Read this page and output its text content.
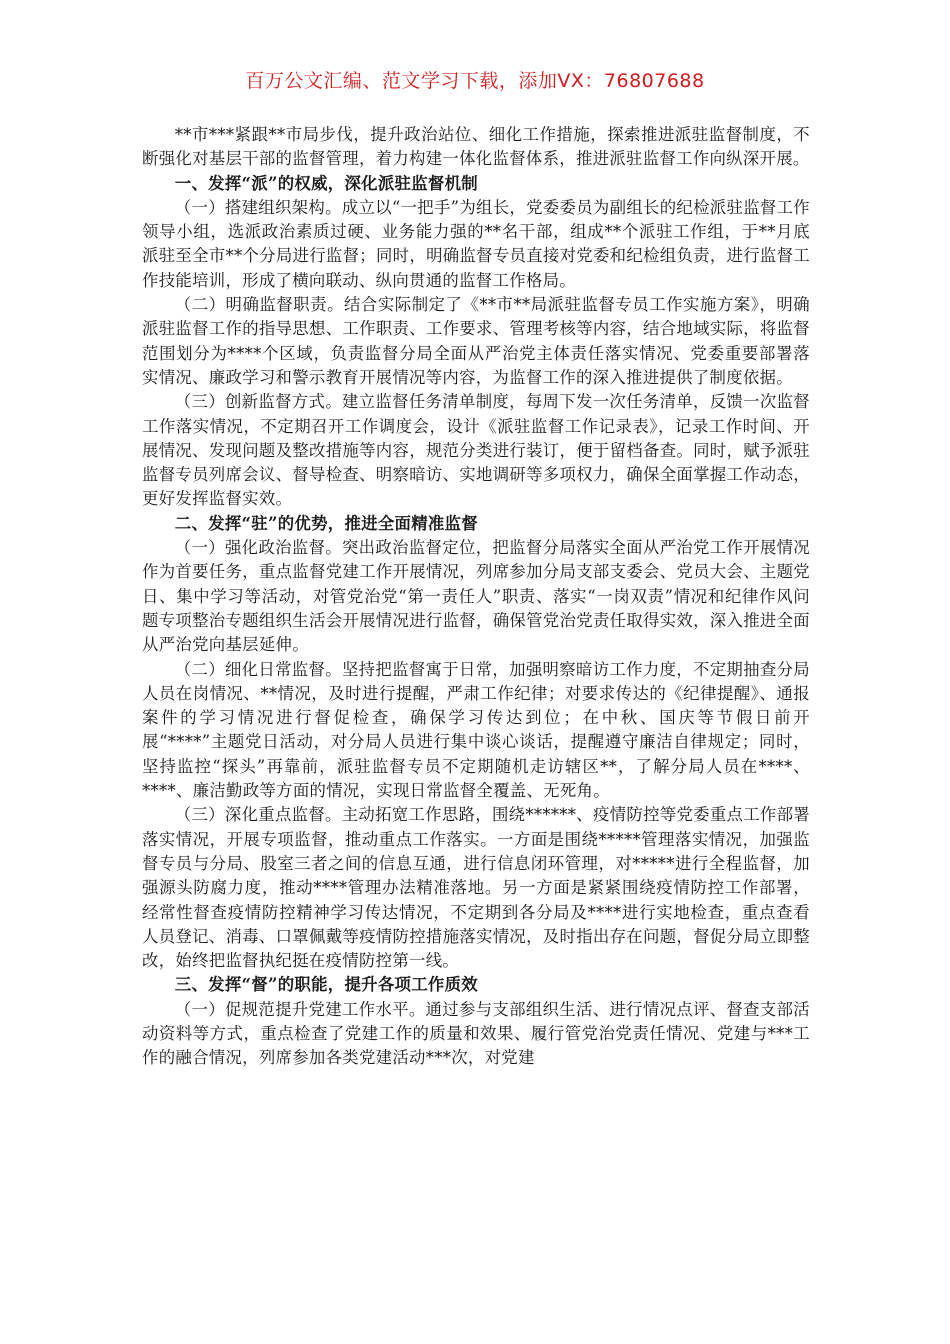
百万公文汇编、范文学习下载，添加VX：76807688

**市***紧跟**市局步伐，提升政治站位、细化工作措施，探索推进派驻监督制度，不断强化对基层干部的监督管理，着力构建一体化监督体系，推进派驻监督工作向纵深开展。

一、发挥“派”的权威，深化派驻监督机制

（一）搭建组织架构。成立以“一把手”为组长，党委委员为副组长的纪检派驻监督工作领导小组，选派政治素质过硬、业务能力强的**名干部，组成**个派驻工作组，于**月底派驻至全市**个分局进行监督；同时，明确监督专员直接对党委和纪检组负责，进行监督工作技能培训，形成了横向联动、纵向贯通的监督工作格局。

（二）明确监督职责。结合实际制定了《**市**局派驻监督专员工作实施方案》，明确派驻监督工作的指导思想、工作职责、工作要求、管理考核等内容，结合地域实际，将监督范围划分为****个区域，负责监督分局全面从严治党主体责任落实情况、党委重要部署落实情况、廉政学习和警示教育开展情况等内容，为监督工作的深入推进提供了制度依据。

（三）创新监督方式。建立监督任务清单制度，每周下发一次任务清单，反馈一次监督工作落实情况，不定期召开工作调度会，设计《派驻监督工作记录表》，记录工作时间、开展情况、发现问题及整改措施等内容，规范分类进行装订，便于留档备查。同时，赋予派驻监督专员列席会议、督导检查、明察暗访、实地调研等多项权力，确保全面掌握工作动态，更好发挥监督实效。

二、发挥“驻”的优势，推进全面精准监督

（一）强化政治监督。突出政治监督定位，把监督分局落实全面从严治党工作开展情况作为首要任务，重点监督党建工作开展情况，列席参加分局支部支委会、党员大会、主题党日、集中学习等活动，对管党治党“第一责任人”职责、落实“一岗双责”情况和纪律作风问题专项整治专题组织生活会开展情况进行监督，确保管党治党责任取得实效，深入推进全面从严治党向基层延伸。

（二）细化日常监督。坚持把监督寓于日常，加强明察暗访工作力度，不定期抽查分局人员在岗情况、**情况，及时进行提醒，严肃工作纪律；对要求传达的《纪律提醒》、通报案件的学习情况进行督促检查，确保学习传达到位；在中秋、国庆等节假日前开展“****”主题党日活动，对分局人员进行集中谈心谈话，提醒遵守廉洁自律规定；同时，坚持监控“探头”再靠前，派驻监督专员不定期随机走访辖区**，了解分局人员在****、****、廉洁勤政等方面的情况，实现日常监督全覆盖、无死角。

（三）深化重点监督。主动拓宽工作思路，围绕******、疫情防控等党委重点工作部署落实情况，开展专项监督，推动重点工作落实。一方面是围绕*****管理落实情况，加强监督专员与分局、股室三者之间的信息互通，进行信息闭环管理，对*****进行全程监督，加强源头防腐力度，推动****管理办法精准落地。另一方面是紧紧围绕疫情防控工作部署，经常性督查疫情防控精神学习传达情况，不定期到各分局及****进行实地检查，重点查看人员登记、消毒、口罩佩戴等疫情防控措施落实情况，及时指出存在问题，督促分局立即整改，始终把监督执纪挺在疫情防控第一线。

三、发挥“督”的职能，提升各项工作质效

（一）促规范提升党建工作水平。通过参与支部组织生活、进行情况点评、督查支部活动资料等方式，重点检查了党建工作的质量和效果、履行管党治党责任情况、党建与***工作的融合情况，列席参加各类党建活动***次，对党建
